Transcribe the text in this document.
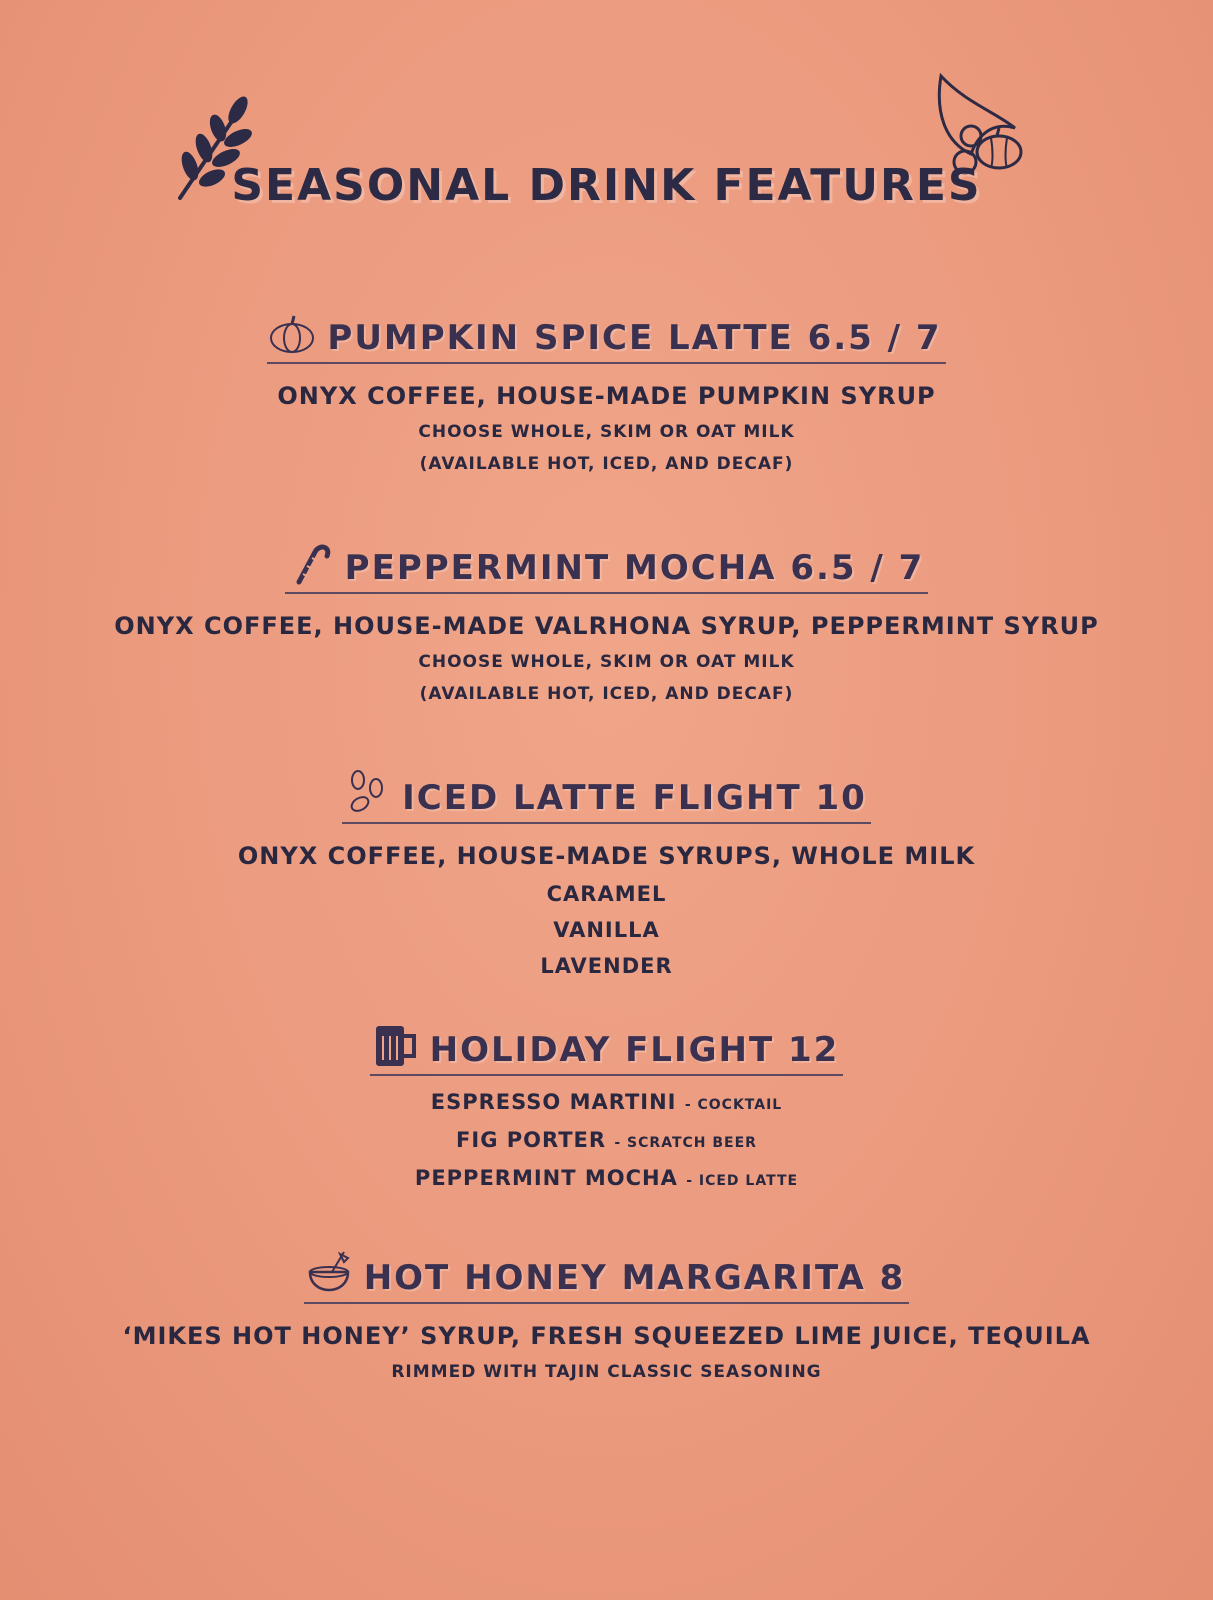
SEASONAL DRINK FEATURES
PUMPKIN SPICE LATTE 6.5 / 7
ONYX COFFEE, HOUSE-MADE PUMPKIN SYRUP
CHOOSE WHOLE, SKIM OR OAT MILK
(AVAILABLE HOT, ICED, AND DECAF)
PEPPERMINT MOCHA 6.5 / 7
ONYX COFFEE, HOUSE-MADE VALRHONA SYRUP, PEPPERMINT SYRUP
CHOOSE WHOLE, SKIM OR OAT MILK
(AVAILABLE HOT, ICED, AND DECAF)
ICED LATTE FLIGHT 10
ONYX COFFEE, HOUSE-MADE SYRUPS, WHOLE MILK
CARAMEL
VANILLA
LAVENDER
HOLIDAY FLIGHT 12
ESPRESSO MARTINI - COCKTAIL
FIG PORTER - SCRATCH BEER
PEPPERMINT MOCHA - ICED LATTE
HOT HONEY MARGARITA 8
‘MIKES HOT HONEY’ SYRUP, FRESH SQUEEZED LIME JUICE, TEQUILA
RIMMED WITH TAJIN CLASSIC SEASONING
